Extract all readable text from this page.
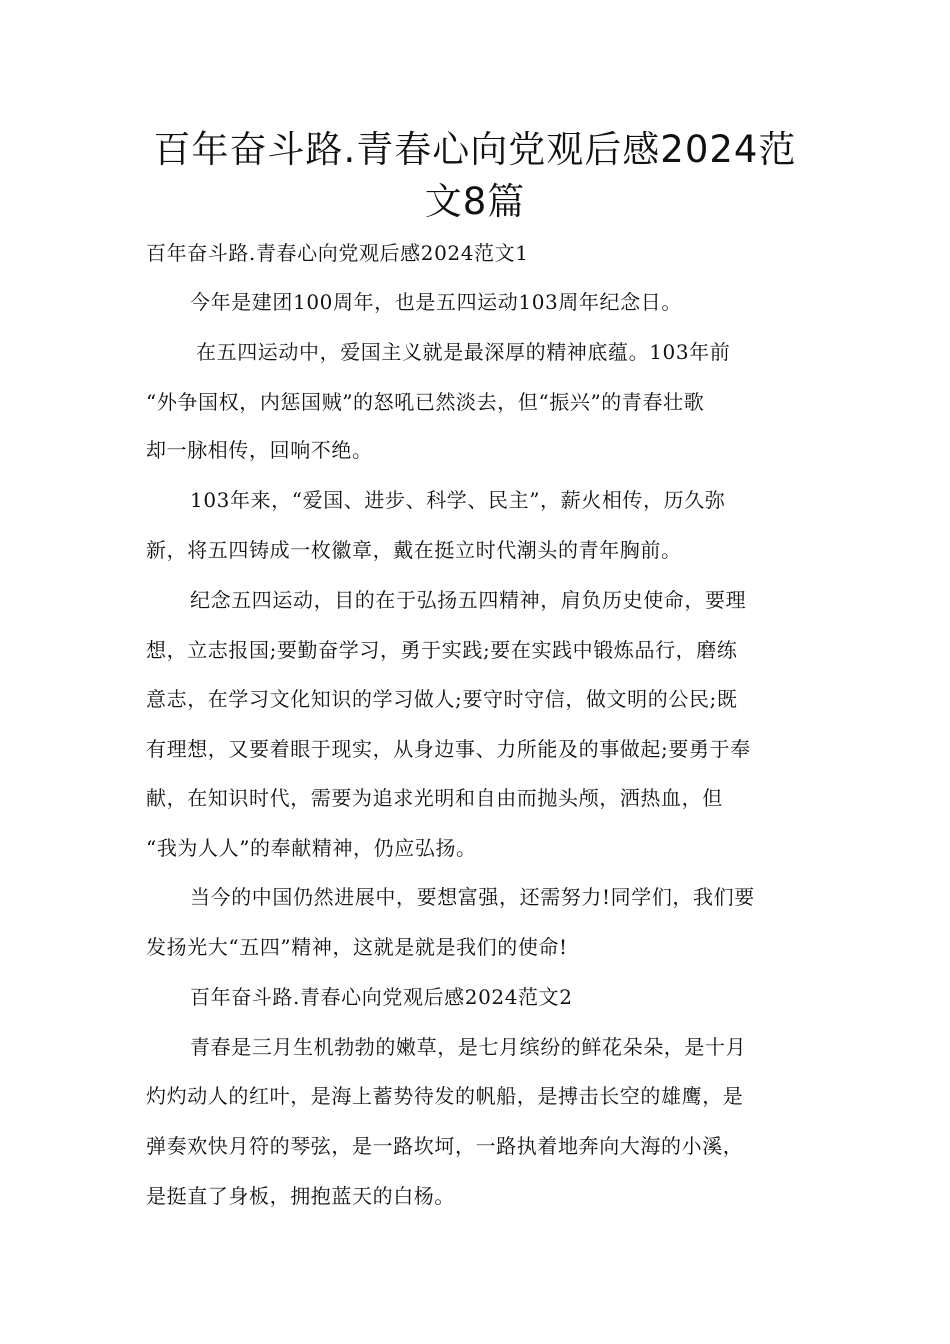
百年奋斗路.青春心向党观后感2024范
文8篇
百年奋斗路.青春心向党观后感2024范文1
今年是建团100周年，也是五四运动103周年纪念日。
在五四运动中，爱国主义就是最深厚的精神底蕴。103年前
“外争国权，内惩国贼”的怒吼已然淡去，但“振兴”的青春壮歌
却一脉相传，回响不绝。
103年来，“爱国、进步、科学、民主”，薪火相传，历久弥
新，将五四铸成一枚徽章，戴在挺立时代潮头的青年胸前。
纪念五四运动，目的在于弘扬五四精神，肩负历史使命，要理
想，立志报国;要勤奋学习，勇于实践;要在实践中锻炼品行，磨练
意志，在学习文化知识的学习做人;要守时守信，做文明的公民;既
有理想，又要着眼于现实，从身边事、力所能及的事做起;要勇于奉
献，在知识时代，需要为追求光明和自由而抛头颅，洒热血，但
“我为人人”的奉献精神，仍应弘扬。
当今的中国仍然进展中，要想富强，还需努力!同学们，我们要
发扬光大“五四”精神，这就是就是我们的使命!
百年奋斗路.青春心向党观后感2024范文2
青春是三月生机勃勃的嫩草，是七月缤纷的鲜花朵朵，是十月
灼灼动人的红叶，是海上蓄势待发的帆船，是搏击长空的雄鹰，是
弹奏欢快月符的琴弦，是一路坎坷，一路执着地奔向大海的小溪，
是挺直了身板，拥抱蓝天的白杨。
